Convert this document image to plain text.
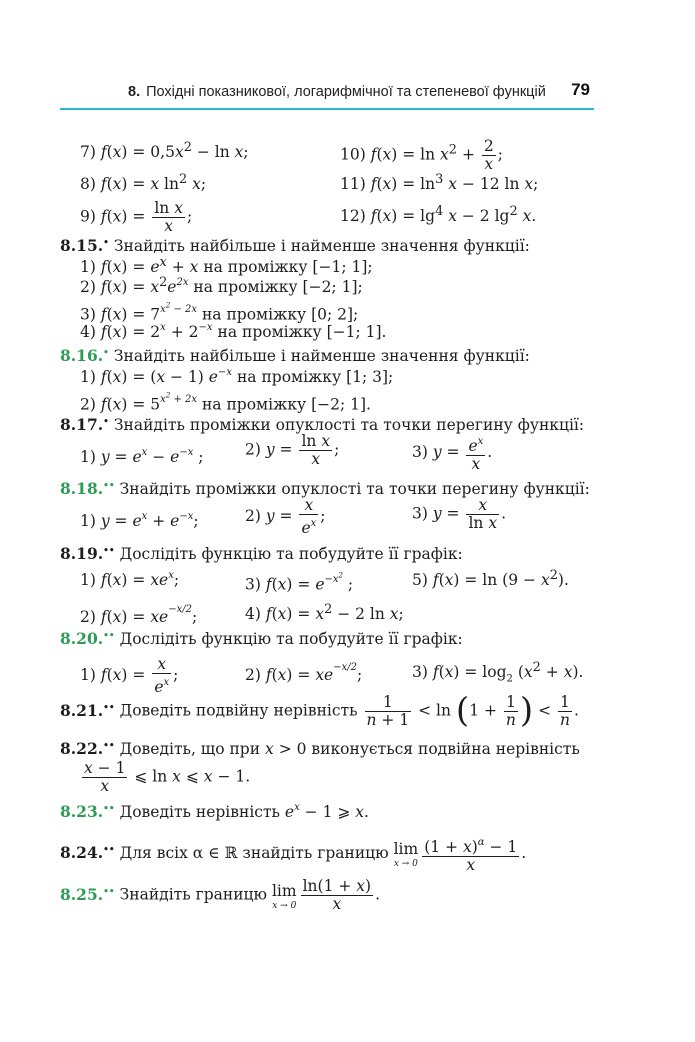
8. Похідні показникової, логарифмічної та степеневої функцій 79
7) $f(x) = 0,5x^2 - \ln x$;	10) $f(x) = \ln x^2 + \frac{2}{x}$ ;
8) f(x) = x $\ln^2 x$;	11) $f(x) = \ln^3 x - 12$ ln x;
9) $f(x) = \frac{\text{ln x}}{x}$ ;	12) $f(x) = \lg^4 x - 2$ $\lg^2 x$.
8.15.• Знайдіть найбільше і найменше значення функції:
1) $f(x) = e^x + x$ на проміжку [−1; 1];
2) $f(x) = x^2e^{2x}$ на проміжку [−2; 1];
3) $f(x) = 7^{x^2 - 2x}$ на проміжку [0; 2];
4) $f(x) = 2^x + 2^{-x}$ на проміжку [−1; 1].
8.16.• Знайдіть найбільше і найменше значення функції:
1) f(x) = (x − 1) $e^{-x}$ на проміжку [1; 3];
2) $f(x) = 5^{x^2 + 2x}$ на проміжку [−2; 1].
8.17.• Знайдіть проміжки опуклості та точки перегину функції:
1) $y = e^x - e^{-x}$ ;	2) $y = \frac{\text{ln x}}{x}$ ;	3) $y = \frac{e^x}{x}$ .
8.18.•• Знайдіть проміжки опуклості та точки перегину функції:
1) $y = e^x + e^{-x}$;	2) $y = \frac{x}{e^x}$ ;	3) $y = \frac{x}{\text{ln x}}$ .
8.19.•• Дослідіть функцію та побудуйте її графік:
1) $f(x) = xe^x$;	3) $f(x) = e^{-x^2}$ ;	5) $f(x) = \ln (9 - x^2)$.
2) $f(x) = xe^{-x/2}$;	4) $f(x) = x^2 - 2$ ln x;
8.20.•• Дослідіть функцію та побудуйте її графік:
1) $f(x) = \frac{x}{e^x}$ ;	2) $f(x) = xe^{-x/2}$;	3) $f(x) = \log_2 (x^2 + x)$.
8.21.•• Доведіть подвійну нерівність $\frac{1}{n + 1} < \ln (1 + \frac{1}{n}$ ) < $\frac{1}{n}$ .
8.22.•• Доведіть, що при x > 0 виконується подвійна нерівність
$\frac{x - 1}{x}$ ⩽ ln x ⩽ x − 1.
8.23.•• Доведіть нерівність $e^x - 1$ ⩾ x.
8.24.•• Для всіх α ∈ ℝ знайдіть границю lim
$x \to 0 \frac{(1 + x)^\alpha - 1}{x}$ .
8.25.•• Знайдіть границю lim
$x \to 0 \frac{\ln(1 + x)}{x}$ .
